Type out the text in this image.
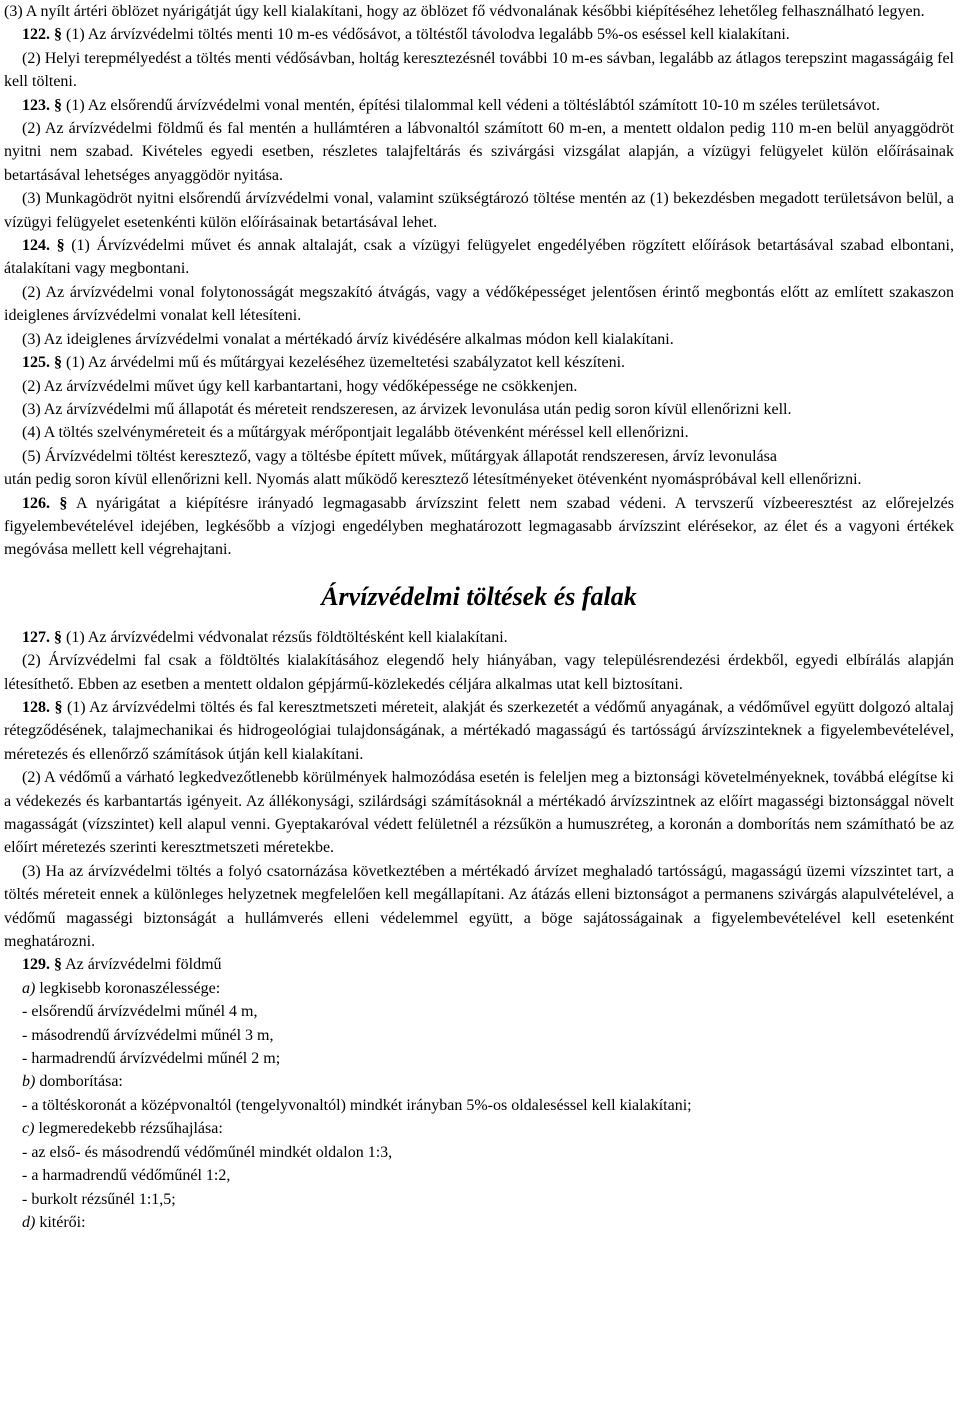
(3) A nyílt ártéri öblözet nyárigátját úgy kell kialakítani, hogy az öblözet fő védvonalának későbbi kiépítéséhez lehetőleg felhasználható legyen.

122. § (1) Az árvízvédelmi töltés menti 10 m-es védősávot, a töltéstől távolodva legalább 5%-os eséssel kell kialakítani.

(2) Helyi terepmélyedést a töltés menti védősávban, holtág keresztezésnél további 10 m-es sávban, legalább az átlagos terepszint magasságáig fel kell tölteni.

123. § (1) Az elsőrendű árvízvédelmi vonal mentén, építési tilalommal kell védeni a töltéslábtól számított 10-10 m széles területsávot.

(2) Az árvízvédelmi földmű és fal mentén a hullámtéren a lábvonaltól számított 60 m-en, a mentett oldalon pedig 110 m-en belül anyaggödröt nyitni nem szabad. Kivételes egyedi esetben, részletes talajfeltárás és szivárgási vizsgálat alapján, a vízügyi felügyelet külön előírásainak betartásával lehetséges anyaggödör nyitása.

(3) Munkagödröt nyitni elsőrendű árvízvédelmi vonal, valamint szükségtározó töltése mentén az (1) bekezdésben megadott területsávon belül, a vízügyi felügyelet esetenkénti külön előírásainak betartásával lehet.

124. § (1) Árvízvédelmi művet és annak altalaját, csak a vízügyi felügyelet engedélyében rögzített előírások betartásával szabad elbontani, átalakítani vagy megbontani.

(2) Az árvízvédelmi vonal folytonosságát megszakító átvágás, vagy a védőképességet jelentősen érintő megbontás előtt az említett szakaszon ideiglenes árvízvédelmi vonalat kell létesíteni.

(3) Az ideiglenes árvízvédelmi vonalat a mértékadó árvíz kivédésére alkalmas módon kell kialakítani.

125. § (1) Az árvédelmi mű és műtárgyai kezeléséhez üzemeltetési szabályzatot kell készíteni.

(2) Az árvízvédelmi művet úgy kell karbantartani, hogy védőképessége ne csökkenjen.

(3) Az árvízvédelmi mű állapotát és méreteit rendszeresen, az árvizek levonulása után pedig soron kívül ellenőrizni kell.

(4) A töltés szelvényméreteit és a műtárgyak mérőpontjait legalább ötévenként méréssel kell ellenőrizni.

(5) Árvízvédelmi töltést keresztező, vagy a töltésbe épített művek, műtárgyak állapotát rendszeresen, árvíz levonulása

után pedig soron kívül ellenőrizni kell. Nyomás alatt működő keresztező létesítményeket ötévenként nyomáspróbával kell ellenőrizni.

126. § A nyárigátat a kiépítésre irányadó legmagasabb árvízszint felett nem szabad védeni. A tervszerű vízbeeresztést az előrejelzés figyelembevételével idejében, legkésőbb a vízjogi engedélyben meghatározott legmagasabb árvízszint elérésekor, az élet és a vagyoni értékek megóvása mellett kell végrehajtani.

Árvízvédelmi töltések és falak

127. § (1) Az árvízvédelmi védvonalat rézsűs földtöltésként kell kialakítani.

(2) Árvízvédelmi fal csak a földtöltés kialakításához elegendő hely hiányában, vagy településrendezési érdekből, egyedi elbírálás alapján létesíthető. Ebben az esetben a mentett oldalon gépjármű-közlekedés céljára alkalmas utat kell biztosítani.

128. § (1) Az árvízvédelmi töltés és fal keresztmetszeti méreteit, alakját és szerkezetét a védőmű anyagának, a védőművel együtt dolgozó altalaj rétegződésének, talajmechanikai és hidrogeológiai tulajdonságának, a mértékadó magasságú és tartósságú árvízszinteknek a figyelembevételével, méretezés és ellenőrző számítások útján kell kialakítani.

(2) A védőmű a várható legkedvezőtlenebb körülmények halmozódása esetén is feleljen meg a biztonsági követelményeknek, továbbá elégítse ki a védekezés és karbantartás igényeit. Az állékonysági, szilárdsági számításoknál a mértékadó árvízszintnek az előírt magasségi biztonsággal növelt magasságát (vízszintet) kell alapul venni. Gyeptakaróval védett felületnél a rézsűkön a humuszréteg, a koronán a domborítás nem számítható be az előírt méretezés szerinti keresztmetszeti méretekbe.

(3) Ha az árvízvédelmi töltés a folyó csatornázása következtében a mértékadó árvízet meghaladó tartósságú, magasságú üzemi vízszintet tart, a töltés méreteit ennek a különleges helyzetnek megfelelően kell megállapítani. Az átázás elleni biztonságot a permanens szivárgás alapulvételével, a védőmű magasségi biztonságát a hullámverés elleni védelemmel együtt, a böge sajátosságainak a figyelembevételével kell esetenként meghatározni.

129. § Az árvízvédelmi földmű

a) legkisebb koronaszélessége:

- elsőrendű árvízvédelmi műnél 4 m,

- másodrendű árvízvédelmi műnél 3 m,

- harmadrendű árvízvédelmi műnél 2 m;

b) domborítása:

- a töltéskoronát a középvonaltól (tengelyvonaltól) mindkét irányban 5%-os oldaleséssel kell kialakítani;

c) legmeredekebb rézsűhajlása:

- az első- és másodrendű védőműnél mindkét oldalon 1:3,

- a harmadrendű védőműnél 1:2,

- burkolt rézsűnél 1:1,5;

d) kitérői:
